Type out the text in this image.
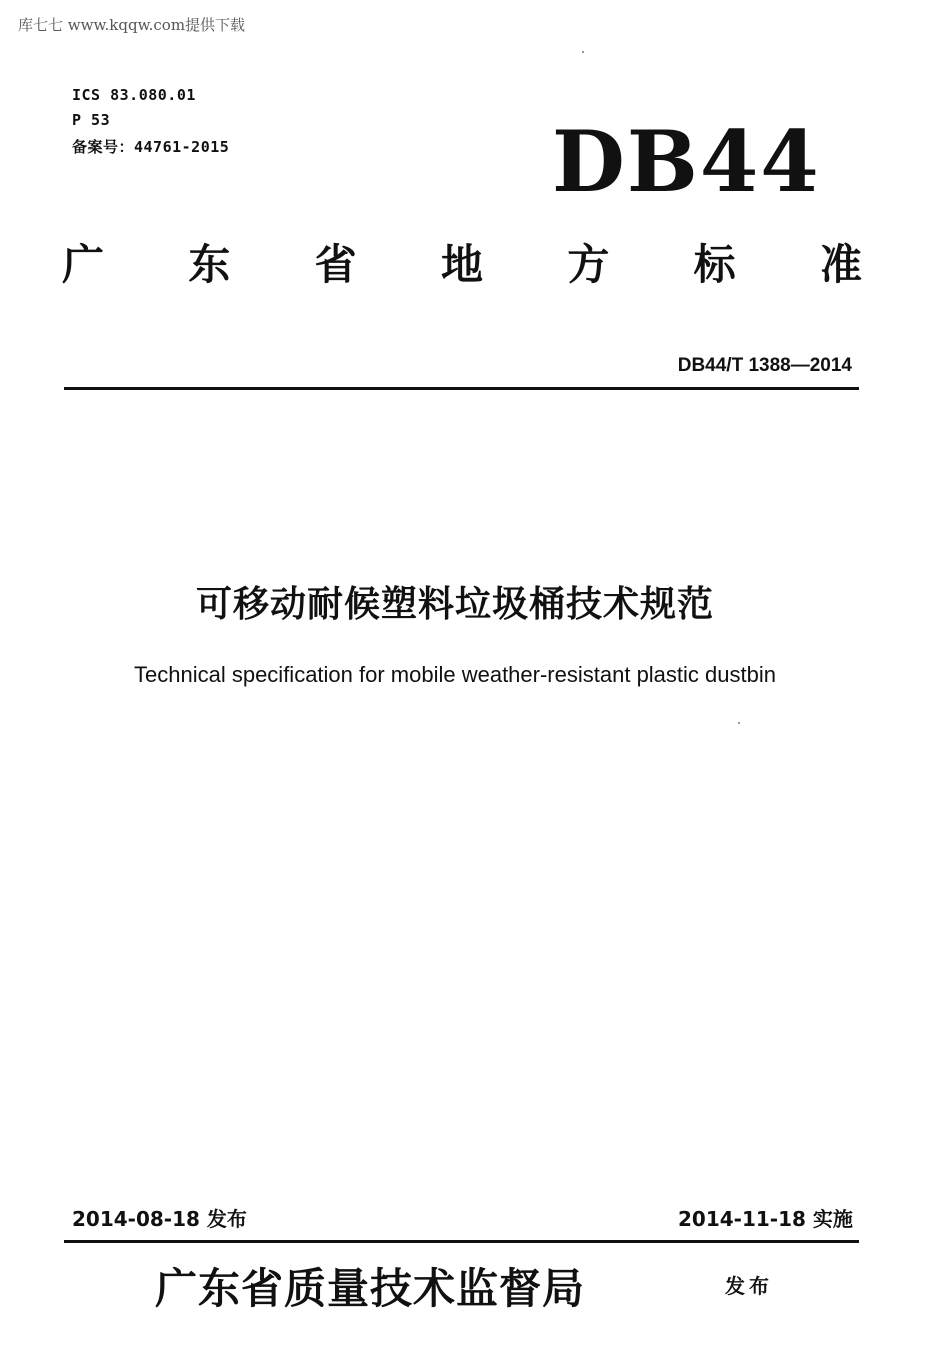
库七七 www.kqqw.com提供下载
ICS 83.080.01
P 53
备案号：44761-2015	DB44
广 东 省 地 方 标 准
DB44/T 1388—2014
可移动耐候塑料垃圾桶技术规范
Technical specification for mobile weather-resistant plastic dustbin
2014-08-18 发布	2014-11-18 实施
广东省质量技术监督局	发布
